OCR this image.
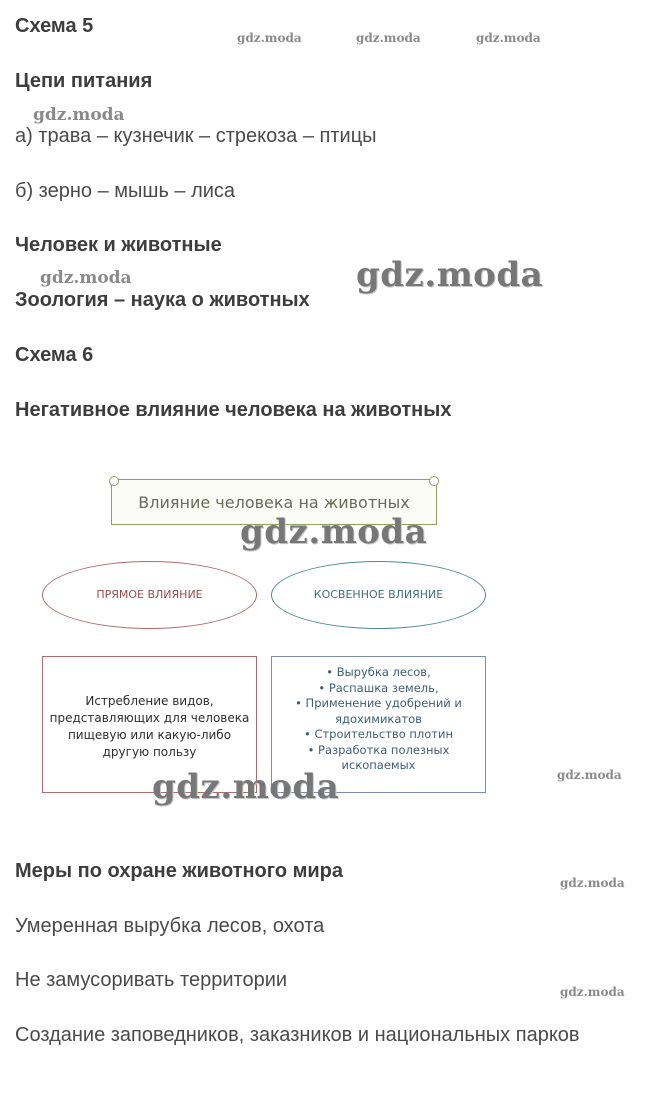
gdz.moda	gdz.moda	gdz.moda
gdz.moda
gdz.moda
Схема 5
Цепи питания
а) трава – кузнечик – стрекоза – птицы
б) зерно – мышь – лиса
Человек и животные
Зоология – наука о животных
gdz.moda
Схема 6
Негативное влияние человека на животных
Влияние человека на животных
ПРЯМОЕ ВЛИЯНИЕ	КОСВЕННОЕ ВЛИЯНИЕ
Истребление видов, представляющих для человека пищевую или какую-либо другую пользу
• Вырубка лесов,
• Распашка земель,
• Применение удобрений и ядохимикатов
• Строительство плотин
• Разработка полезных ископаемых
gdz.moda
gdz.moda	gdz.moda
Меры по охране животного мира
gdz.moda
Умеренная вырубка лесов, охота
Не замусоривать территории
gdz.moda
Создание заповедников, заказников и национальных парков
